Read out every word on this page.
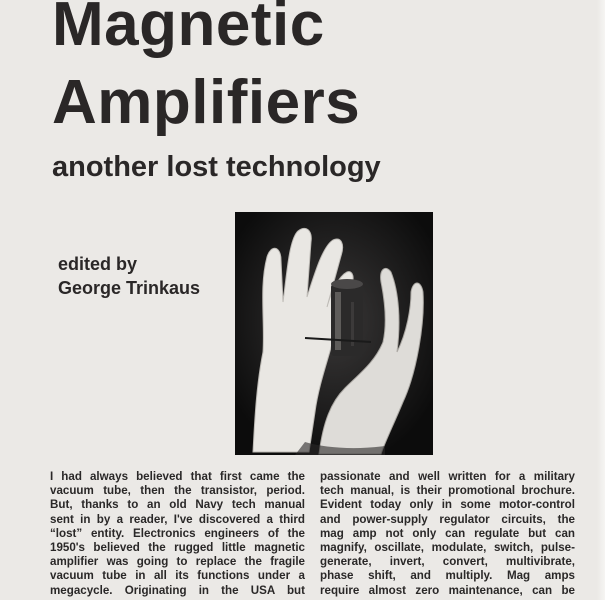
Magnetic
Amplifiers
another lost technology
edited by
George Trinkaus
I had always believed that first came the
vacuum tube, then the transistor, period.
But, thanks to an old Navy tech manual
sent in by a reader, I've discovered a third
“lost” entity. Electronics engineers of the
1950's believed the rugged little magnetic
amplifier was going to replace the fragile
vacuum tube in all its functions under a
megacycle. Originating in the USA but
passionate and well written for a military
tech manual, is their promotional brochure.
Evident today only in some motor-control
and power-supply regulator circuits, the
mag amp not only can regulate but can
magnify, oscillate, modulate, switch, pulse-
generate, invert, convert, multivibrate,
phase shift, and multiply. Mag amps
require almost zero maintenance, can be
